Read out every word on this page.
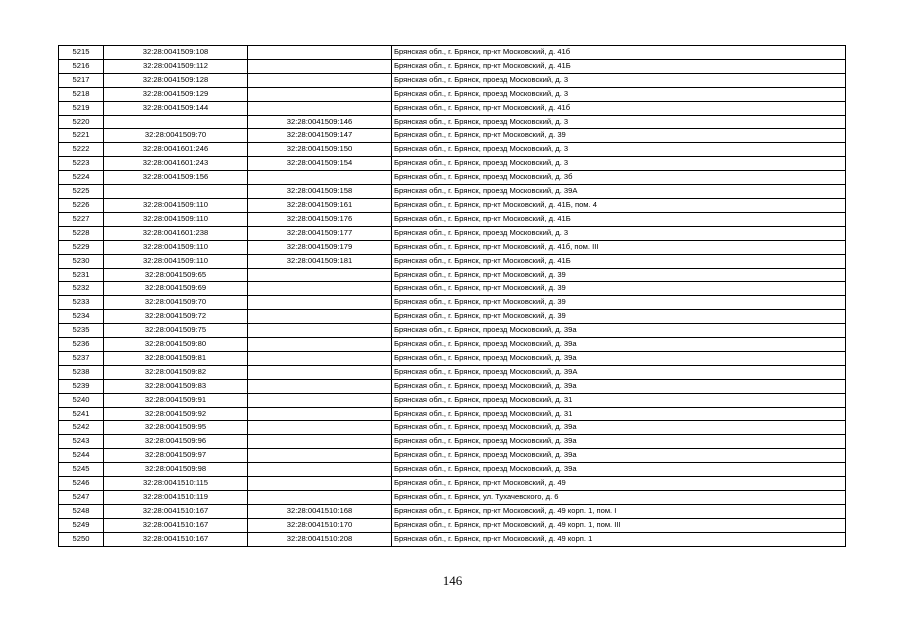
5215	32:28:0041509:108		Брянская обл., г. Брянск, пр-кт Московский, д. 41б
5216	32:28:0041509:112		Брянская обл., г. Брянск, пр-кт Московский, д. 41Б
5217	32:28:0041509:128		Брянская обл., г. Брянск, проезд Московский, д. 3
5218	32:28:0041509:129		Брянская обл., г. Брянск, проезд Московский, д. 3
5219	32:28:0041509:144		Брянская обл., г. Брянск, пр-кт Московский, д. 41б
5220		32:28:0041509:146	Брянская обл., г. Брянск, проезд Московский, д. 3
5221	32:28:0041509:70	32:28:0041509:147	Брянская обл., г. Брянск, пр-кт Московский, д. 39
5222	32:28:0041601:246	32:28:0041509:150	Брянская обл., г. Брянск, проезд Московский, д. 3
5223	32:28:0041601:243	32:28:0041509:154	Брянская обл., г. Брянск, проезд Московский, д. 3
5224	32:28:0041509:156		Брянская обл., г. Брянск, проезд Московский, д. 3б
5225		32:28:0041509:158	Брянская обл., г. Брянск, проезд Московский, д. 39А
5226	32:28:0041509:110	32:28:0041509:161	Брянская обл., г. Брянск, пр-кт Московский, д. 41Б, пом. 4
5227	32:28:0041509:110	32:28:0041509:176	Брянская обл., г. Брянск, пр-кт Московский, д. 41Б
5228	32:28:0041601:238	32:28:0041509:177	Брянская обл., г. Брянск, проезд Московский, д. 3
5229	32:28:0041509:110	32:28:0041509:179	Брянская обл., г. Брянск, пр-кт Московский, д. 41б, пом. III
5230	32:28:0041509:110	32:28:0041509:181	Брянская обл., г. Брянск, пр-кт Московский, д. 41Б
5231	32:28:0041509:65		Брянская обл., г. Брянск, пр-кт Московский, д. 39
5232	32:28:0041509:69		Брянская обл., г. Брянск, пр-кт Московский, д. 39
5233	32:28:0041509:70		Брянская обл., г. Брянск, пр-кт Московский, д. 39
5234	32:28:0041509:72		Брянская обл., г. Брянск, пр-кт Московский, д. 39
5235	32:28:0041509:75		Брянская обл., г. Брянск, проезд Московский, д. 39а
5236	32:28:0041509:80		Брянская обл., г. Брянск, проезд Московский, д. 39а
5237	32:28:0041509:81		Брянская обл., г. Брянск, проезд Московский, д. 39а
5238	32:28:0041509:82		Брянская обл., г. Брянск, проезд Московский, д. 39А
5239	32:28:0041509:83		Брянская обл., г. Брянск, проезд Московский, д. 39а
5240	32:28:0041509:91		Брянская обл., г. Брянск, проезд Московский, д. 31
5241	32:28:0041509:92		Брянская обл., г. Брянск, проезд Московский, д. 31
5242	32:28:0041509:95		Брянская обл., г. Брянск, проезд Московский, д. 39а
5243	32:28:0041509:96		Брянская обл., г. Брянск, проезд Московский, д. 39а
5244	32:28:0041509:97		Брянская обл., г. Брянск, проезд Московский, д. 39а
5245	32:28:0041509:98		Брянская обл., г. Брянск, проезд Московский, д. 39а
5246	32:28:0041510:115		Брянская обл., г. Брянск, пр-кт Московский, д. 49
5247	32:28:0041510:119		Брянская обл., г. Брянск, ул. Тухачевского, д. 6
5248	32:28:0041510:167	32:28:0041510:168	Брянская обл., г. Брянск, пр-кт Московский, д. 49 корп. 1, пом. I
5249	32:28:0041510:167	32:28:0041510:170	Брянская обл., г. Брянск, пр-кт Московский, д. 49 корп. 1, пом. III
5250	32:28:0041510:167	32:28:0041510:208	Брянская обл., г. Брянск, пр-кт Московский, д. 49 корп. 1
146
